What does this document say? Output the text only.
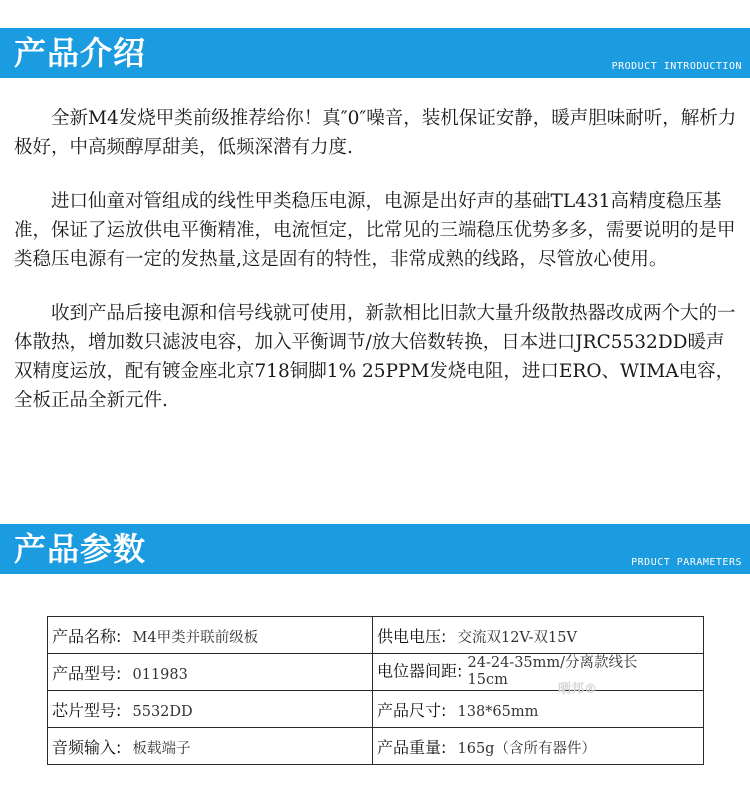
产品介绍	PRODUCT INTRODUCTION

全新M4发烧甲类前级推荐给你！真″0″噪音，装机保证安静，暖声胆味耐听，解析力极好，中高频醇厚甜美，低频深潜有力度.

进口仙童对管组成的线性甲类稳压电源，电源是出好声的基础TL431高精度稳压基准，保证了运放供电平衡精准，电流恒定，比常见的三端稳压优势多多，需要说明的是甲类稳压电源有一定的发热量,这是固有的特性，非常成熟的线路，尽管放心使用。

收到产品后接电源和信号线就可使用，新款相比旧款大量升级散热器改成两个大的一体散热，增加数只滤波电容，加入平衡调节/放大倍数转换，日本进口JRC5532DD暖声双精度运放，配有镀金座北京718铜脚1% 25PPM发烧电阻，进口ERO、WIMA电容，全板正品全新元件.

产品参数	PRDUCT PARAMETERS
产品名称: M4甲类并联前级板	供电电压: 交流双12V-双15V
产品型号: 011983	电位器间距: 24-24-35mm/分离款线长15cm
芯片型号: 5532DD	产品尺寸: 138*65mm
音频输入: 板载端子	产品重量: 165g（含所有器件）
晒邦®
